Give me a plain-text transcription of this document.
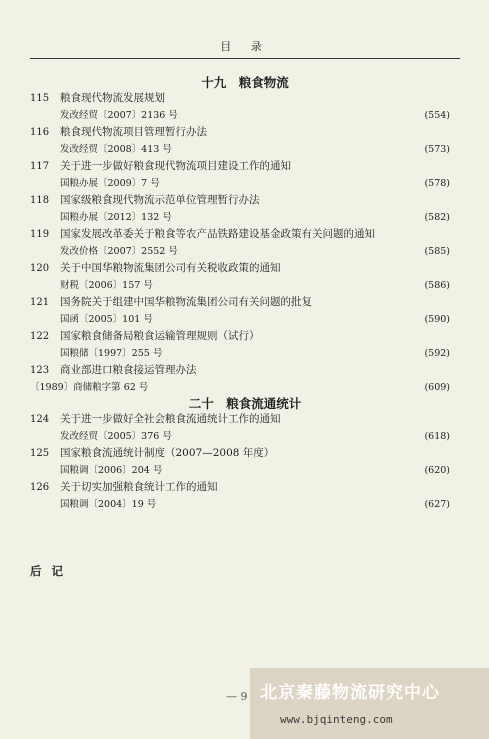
目 录
十九　粮食物流
115	粮食现代物流发展规划
发改经贸〔2007〕2136 号	(554)
116	粮食现代物流项目管理暂行办法
发改经贸〔2008〕413 号	(573)
117	关于进一步做好粮食现代物流项目建设工作的通知
国粮办展〔2009〕7 号	(578)
118	国家级粮食现代物流示范单位管理暂行办法
国粮办展〔2012〕132 号	(582)
119	国家发展改革委关于粮食等农产品铁路建设基金政策有关问题的通知
发改价格〔2007〕2552 号	(585)
120	关于中国华粮物流集团公司有关税收政策的通知
财税〔2006〕157 号	(586)
121	国务院关于组建中国华粮物流集团公司有关问题的批复
国函〔2005〕101 号	(590)
122	国家粮食储备局粮食运输管理规则（试行）
国粮储〔1997〕255 号	(592)
123	商业部进口粮食接运管理办法
〔1989〕商储粮字第 62 号	(609)
二十　粮食流通统计
124	关于进一步做好全社会粮食流通统计工作的通知
发改经贸〔2005〕376 号	(618)
125	国家粮食流通统计制度（2007—2008 年度）
国粮调〔2006〕204 号	(620)
126	关于切实加强粮食统计工作的通知
国粮调〔2004〕19 号	(627)
后记
— 9 北京秦藤物流研究中心
www.bjqinteng.com
